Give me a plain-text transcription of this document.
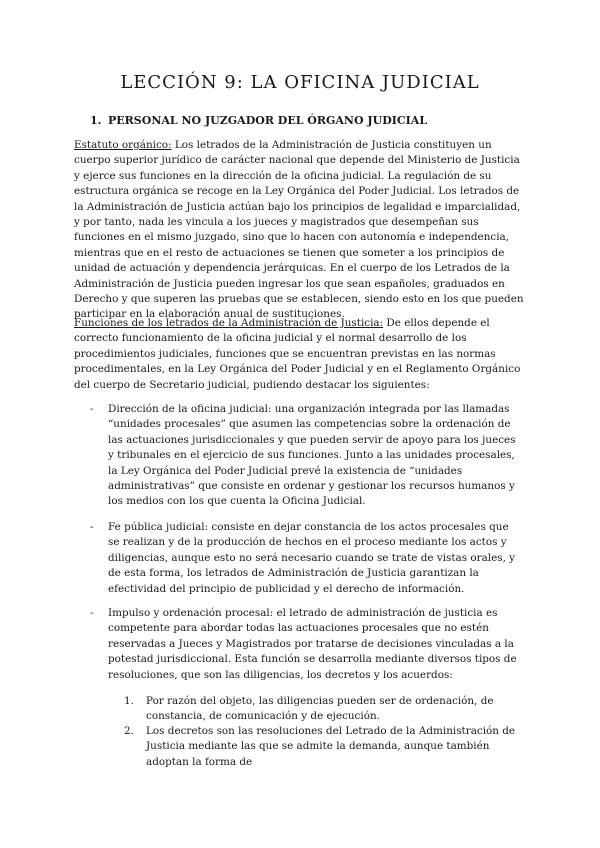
LECCIÓN 9: LA OFICINA JUDICIAL
1. PERSONAL NO JUZGADOR DEL ÓRGANO JUDICIAL

Estatuto orgánico: Los letrados de la Administración de Justicia constituyen un cuerpo superior jurídico de carácter nacional que depende del Ministerio de Justicia y ejerce sus funciones en la dirección de la oficina judicial. La regulación de su estructura orgánica se recoge en la Ley Orgánica del Poder Judicial. Los letrados de la Administración de Justicia actúan bajo los principios de legalidad e imparcialidad, y por tanto, nada les vincula a los jueces y magistrados que desempeñan sus funciones en el mismo juzgado, sino que lo hacen con autonomía e independencia, mientras que en el resto de actuaciones se tienen que someter a los principios de unidad de actuación y dependencia jerárquicas. En el cuerpo de los Letrados de la Administración de Justicia pueden ingresar los que sean españoles, graduados en Derecho y que superen las pruebas que se establecen, siendo esto en los que pueden participar en la elaboración anual de sustituciones.

Funciones de los letrados de la Administración de Justicia: De ellos depende el correcto funcionamiento de la oficina judicial y el normal desarrollo de los procedimientos judiciales, funciones que se encuentran previstas en las normas procedimentales, en la Ley Orgánica del Poder Judicial y en el Reglamento Orgánico del cuerpo de Secretario judicial, pudiendo destacar los siguientes:

- Dirección de la oficina judicial: una organización integrada por las llamadas “unidades procesales” que asumen las competencias sobre la ordenación de las actuaciones jurisdiccionales y que pueden servir de apoyo para los jueces y tribunales en el ejercicio de sus funciones. Junto a las unidades procesales, la Ley Orgánica del Poder Judicial prevé la existencia de “unidades administrativas” que consiste en ordenar y gestionar los recursos humanos y los medios con los que cuenta la Oficina Judicial.
- Fe pública judicial: consiste en dejar constancia de los actos procesales que se realizan y de la producción de hechos en el proceso mediante los actos y diligencias, aunque esto no será necesario cuando se trate de vistas orales, y de esta forma, los letrados de Administración de Justicia garantizan la efectividad del principio de publicidad y el derecho de información.
- Impulso y ordenación procesal: el letrado de administración de justicia es competente para abordar todas las actuaciones procesales que no estén reservadas a Jueces y Magistrados por tratarse de decisiones vinculadas a la potestad jurisdiccional. Esta función se desarrolla mediante diversos tipos de resoluciones, que son las diligencias, los decretos y los acuerdos:
1. Por razón del objeto, las diligencias pueden ser de ordenación, de constancia, de comunicación y de ejecución.
2. Los decretos son las resoluciones del Letrado de la Administración de Justicia mediante las que se admite la demanda, aunque también adoptan la forma de
